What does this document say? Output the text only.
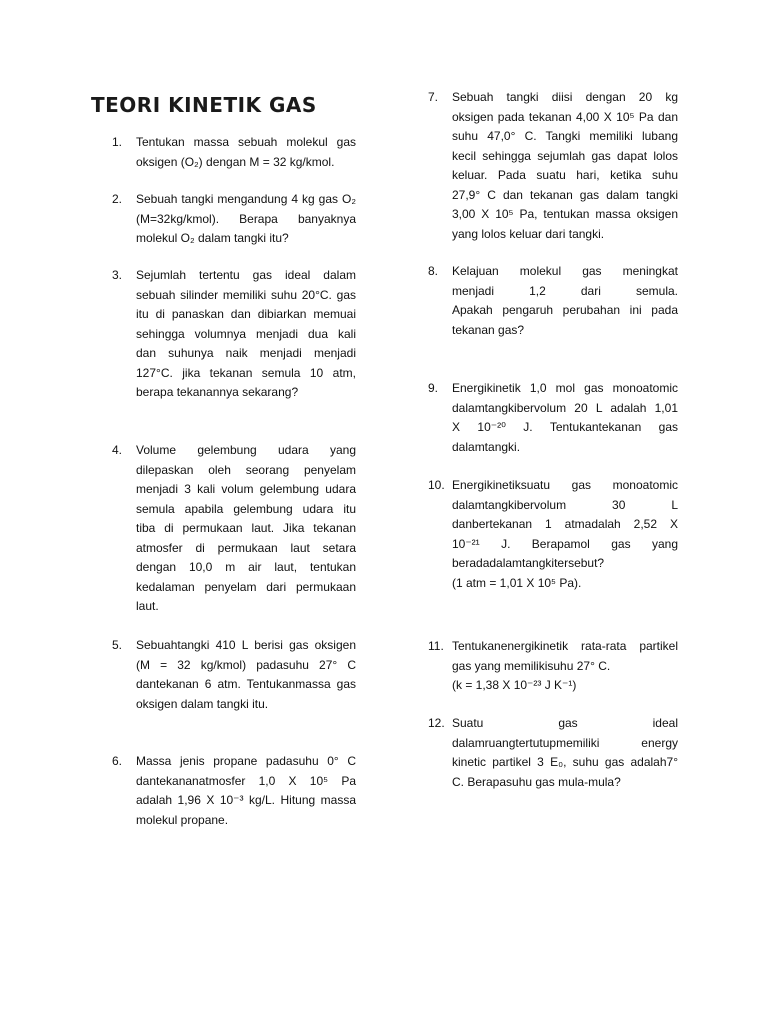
TEORI KINETIK GAS
1.	Tentukan massa sebuah molekul gas
oksigen (O₂) dengan M = 32 kg/kmol.
2.	Sebuah tangki mengandung 4 kg gas O₂
(M=32kg/kmol). Berapa banyaknya
molekul O₂ dalam tangki itu?
3.	Sejumlah tertentu gas ideal dalam
sebuah silinder memiliki suhu 20°C. gas
itu di panaskan dan dibiarkan memuai
sehingga volumnya menjadi dua kali
dan suhunya naik menjadi menjadi
127°C. jika tekanan semula 10 atm,
berapa tekanannya sekarang?
4.	Volume gelembung udara yang
dilepaskan oleh seorang penyelam
menjadi 3 kali volum gelembung udara
semula apabila gelembung udara itu
tiba di permukaan laut. Jika tekanan
atmosfer di permukaan laut setara
dengan 10,0 m air laut, tentukan
kedalaman penyelam dari permukaan
laut.
5.	Sebuahtangki 410 L berisi gas oksigen
(M = 32 kg/kmol) padasuhu 27° C
dantekanan 6 atm. Tentukanmassa gas
oksigen dalam tangki itu.
6.	Massa jenis propane padasuhu 0° C
dantekananatmosfer 1,0 X 10⁵ Pa
adalah 1,96 X 10⁻³ kg/L. Hitung massa
molekul propane.
7.	Sebuah tangki diisi dengan 20 kg
oksigen pada tekanan 4,00 X 10⁵ Pa dan
suhu 47,0° C. Tangki memiliki lubang
kecil sehingga sejumlah gas dapat lolos
keluar. Pada suatu hari, ketika suhu
27,9° C dan tekanan gas dalam tangki
3,00 X 10⁵ Pa, tentukan massa oksigen
yang lolos keluar dari tangki.
8.	Kelajuan molekul gas meningkat
menjadi 1,2 dari semula.
Apakah pengaruh perubahan ini pada
tekanan gas?
9.	Energikinetik 1,0 mol gas monoatomic
dalamtangkibervolum 20 L adalah 1,01
X 10⁻²⁰ J. Tentukantekanan gas
dalamtangki.
10. Energikinetiksuatu gas monoatomic
dalamtangkibervolum 30 L
danbertekanan 1 atmadalah 2,52 X
10⁻²¹ J. Berapamol gas yang
beradadalamtangkitersebut?
(1 atm = 1,01 X 10⁵ Pa).
11. Tentukanenergikinetik rata-rata partikel
gas yang memilikisuhu 27° C.
(k = 1,38 X 10⁻²³ J K⁻¹)
12. Suatu gas ideal
dalamruangtertutupmemiliki energy
kinetic partikel 3 E₀, suhu gas adalah7°
C. Berapasuhu gas mula-mula?
